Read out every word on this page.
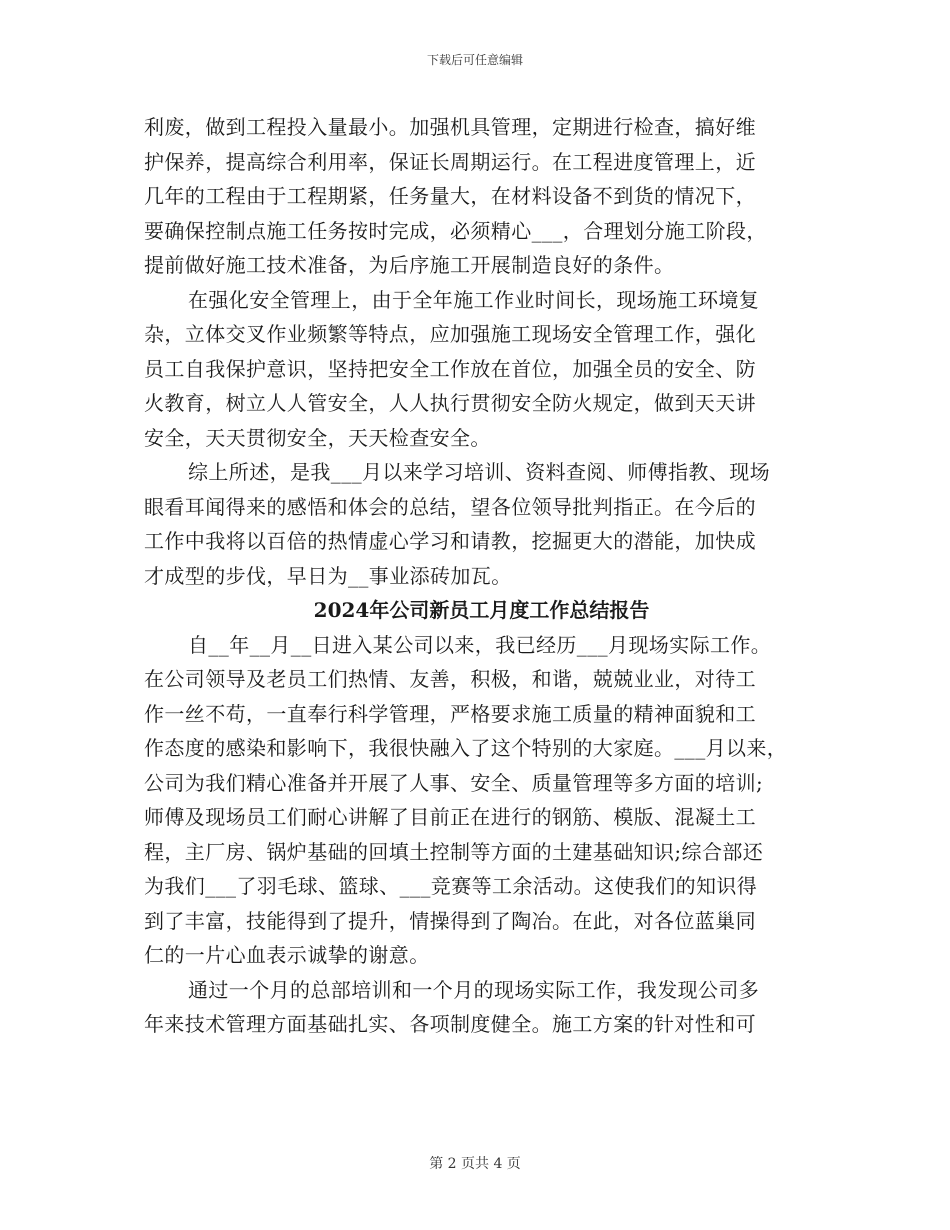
下载后可任意编辑
利废，做到工程投入量最小。加强机具管理，定期进行检查，搞好维
护保养，提高综合利用率，保证长周期运行。在工程进度管理上，近
几年的工程由于工程期紧，任务量大，在材料设备不到货的情况下，
要确保控制点施工任务按时完成，必须精心___，合理划分施工阶段，
提前做好施工技术准备，为后序施工开展制造良好的条件。
在强化安全管理上，由于全年施工作业时间长，现场施工环境复
杂，立体交叉作业频繁等特点，应加强施工现场安全管理工作，强化
员工自我保护意识，坚持把安全工作放在首位，加强全员的安全、防
火教育，树立人人管安全，人人执行贯彻安全防火规定，做到天天讲
安全，天天贯彻安全，天天检查安全。
综上所述，是我___月以来学习培训、资料查阅、师傅指教、现场
眼看耳闻得来的感悟和体会的总结，望各位领导批判指正。在今后的
工作中我将以百倍的热情虚心学习和请教，挖掘更大的潜能，加快成
才成型的步伐，早日为__事业添砖加瓦。
2024年公司新员工月度工作总结报告
自__年__月__日进入某公司以来，我已经历___月现场实际工作。
在公司领导及老员工们热情、友善，积极，和谐，兢兢业业，对待工
作一丝不苟，一直奉行科学管理，严格要求施工质量的精神面貌和工
作态度的感染和影响下，我很快融入了这个特别的大家庭。___月以来，
公司为我们精心准备并开展了人事、安全、质量管理等多方面的培训;
师傅及现场员工们耐心讲解了目前正在进行的钢筋、模版、混凝土工
程，主厂房、锅炉基础的回填土控制等方面的土建基础知识;综合部还
为我们___了羽毛球、篮球、___竞赛等工余活动。这使我们的知识得
到了丰富，技能得到了提升，情操得到了陶冶。在此，对各位蓝巢同
仁的一片心血表示诚挚的谢意。
通过一个月的总部培训和一个月的现场实际工作，我发现公司多
年来技术管理方面基础扎实、各项制度健全。施工方案的针对性和可
第 2 页共 4 页
